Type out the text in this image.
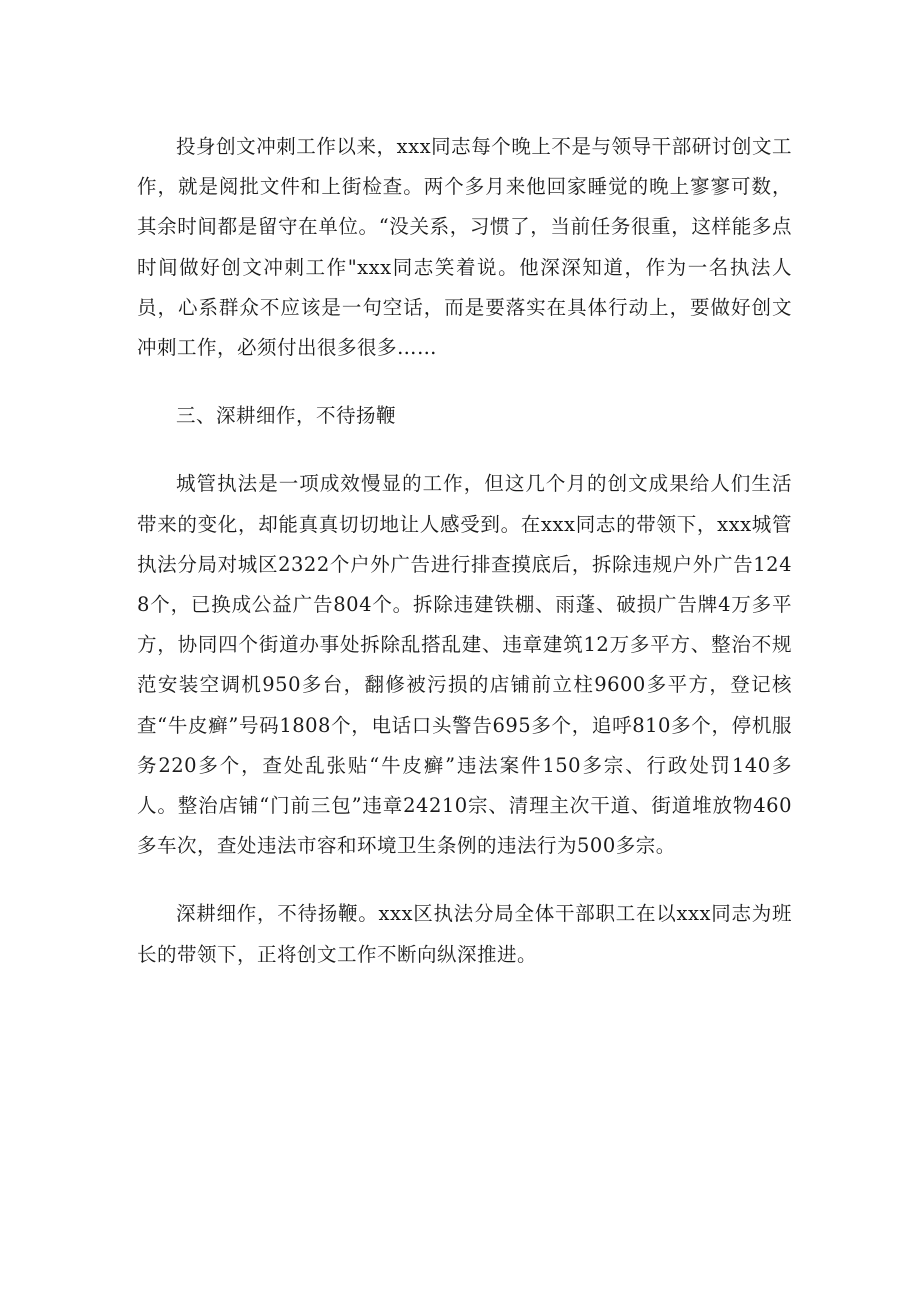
投身创文冲刺工作以来，xxx同志每个晚上不是与领导干部研讨创文工作，就是阅批文件和上街检查。两个多月来他回家睡觉的晚上寥寥可数，其余时间都是留守在单位。“没关系，习惯了，当前任务很重，这样能多点时间做好创文冲刺工作"xxx同志笑着说。他深深知道，作为一名执法人员，心系群众不应该是一句空话，而是要落实在具体行动上，要做好创文冲刺工作，必须付出很多很多……

三、深耕细作，不待扬鞭

城管执法是一项成效慢显的工作，但这几个月的创文成果给人们生活带来的变化，却能真真切切地让人感受到。在xxx同志的带领下，xxx城管执法分局对城区2322个户外广告进行排查摸底后，拆除违规户外广告1248个，已换成公益广告804个。拆除违建铁棚、雨蓬、破损广告牌4万多平方，协同四个街道办事处拆除乱搭乱建、违章建筑12万多平方、整治不规范安装空调机950多台，翻修被污损的店铺前立柱9600多平方，登记核查“牛皮癣”号码1808个，电话口头警告695多个，追呼810多个，停机服务220多个，查处乱张贴“牛皮癣”违法案件150多宗、行政处罚140多人。整治店铺“门前三包”违章24210宗、清理主次干道、街道堆放物460多车次，查处违法市容和环境卫生条例的违法行为500多宗。

深耕细作，不待扬鞭。xxx区执法分局全体干部职工在以xxx同志为班长的带领下，正将创文工作不断向纵深推进。
